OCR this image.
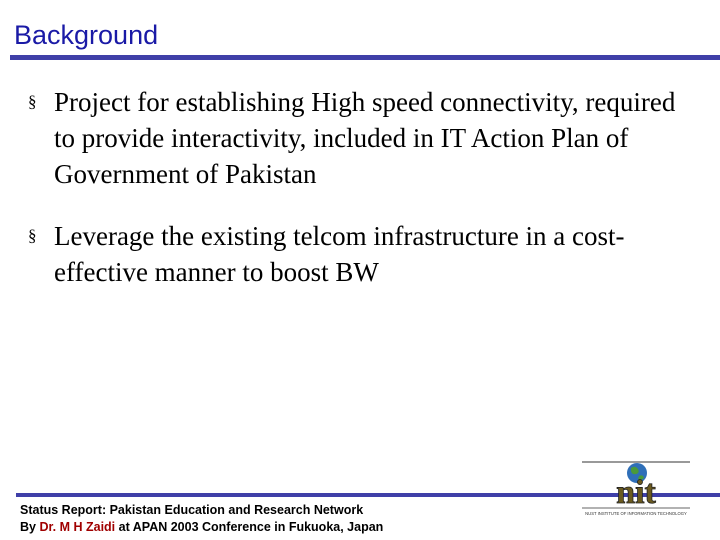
Background
§ Project for establishing High speed connectivity, required to provide interactivity, included in IT Action Plan of Government of Pakistan
§ Leverage the existing telcom infrastructure in a cost-effective manner to boost BW
Status Report: Pakistan Education and Research Network
By Dr. M H Zaidi at APAN 2003 Conference in Fukuoka, Japan
nit
NUST INSTITUTE OF INFORMATION TECHNOLOGY
